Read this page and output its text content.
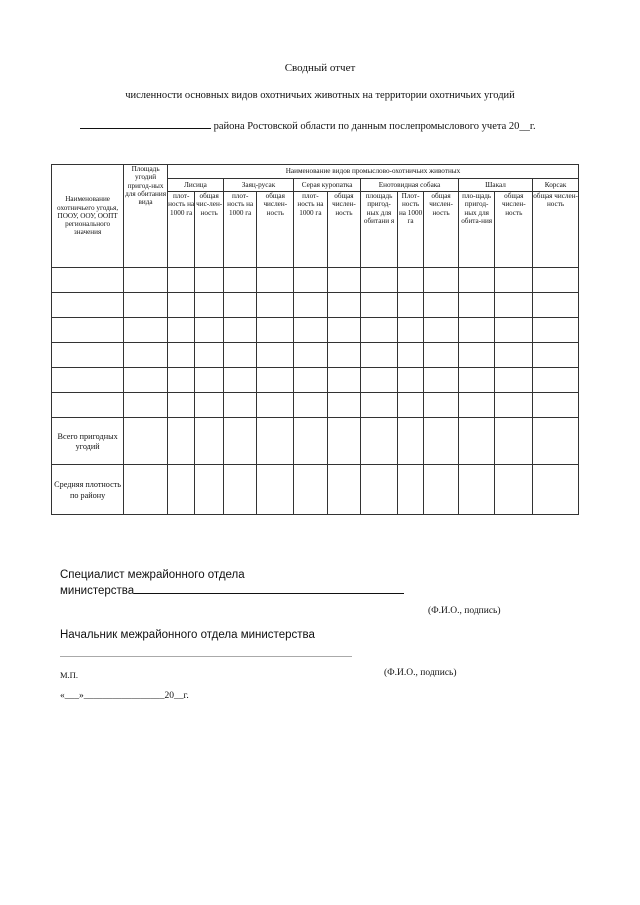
Сводный отчет
численности основных видов охотничьих животных на территории охотничьих угодий
района Ростовской области по данным послепромыслового учета 20__г.
Наименование охотничьего угодья, ПООУ, ООУ, ООПТ регионального значения	Площадь угодий пригод-ных для обитания вида	Наименование видов промыслово-охотничьих животных											
		Лисица		Заяц-русак		Серая куропатка		Енотовидная собака			Шакал		Корсак
		плот-ность на 1000 га	общая чис-лен-ность	плот-ность на 1000 га	общая числен-ность	плот-ность на 1000 га	общая числен-ность	площадь пригод-ных для обитани я	Плот-ность на 1000 га	общая числен-ность	пло-щадь пригод-ных для обита-ния	общая числен-ность	общая числен-ность

Всего пригодных угодий													
Средняя плотность по району													
Специалист межрайонного отдела
министерства
(Ф.И.О., подпись)
Начальник межрайонного отдела министерства
М.П.	(Ф.И.О., подпись)
«___»_________________20__г.
